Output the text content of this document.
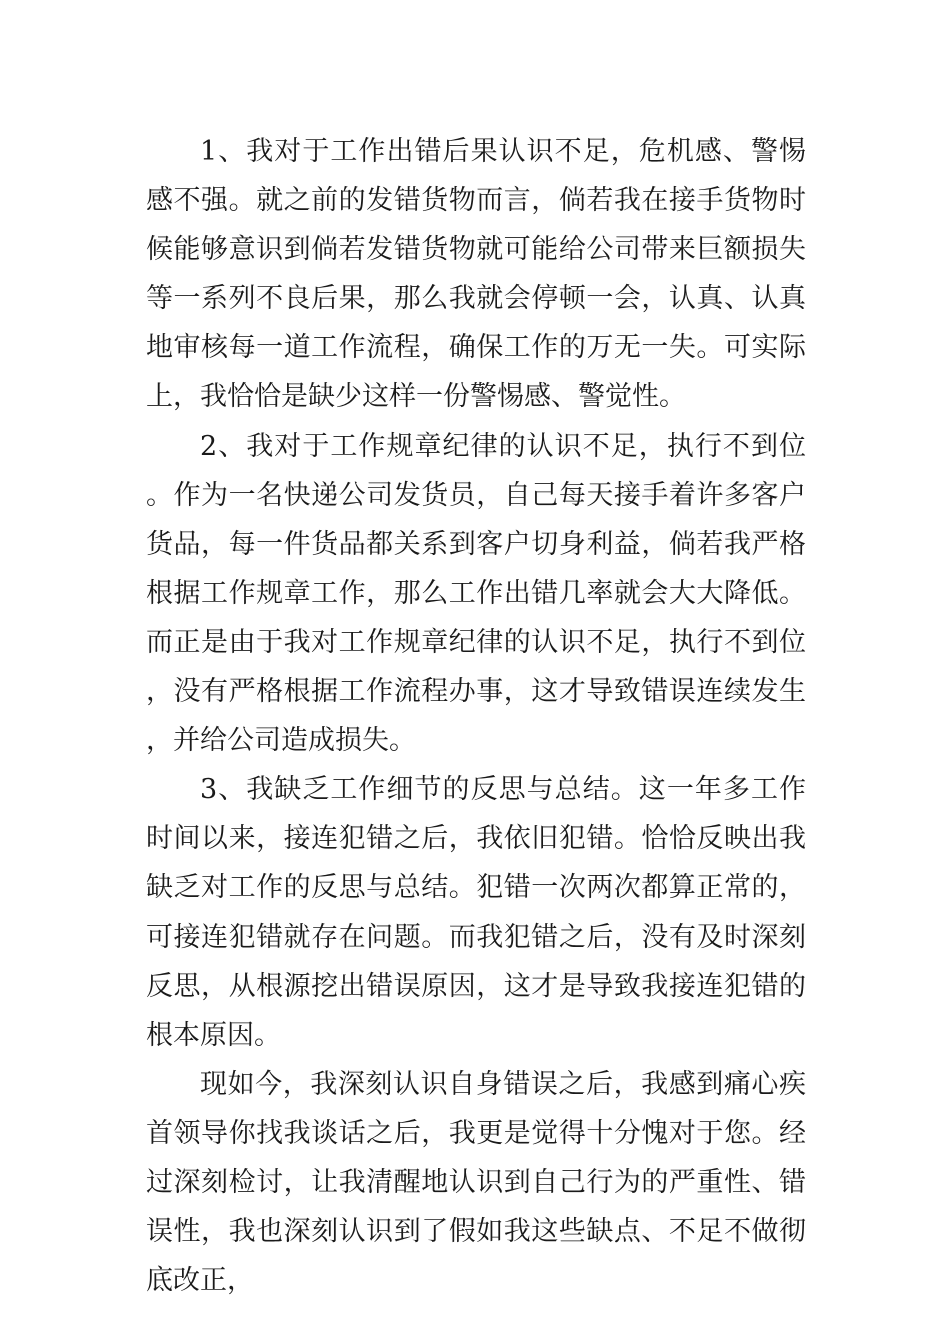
1、我对于工作出错后果认识不足，危机感、警惕感不强。就之前的发错货物而言，倘若我在接手货物时候能够意识到倘若发错货物就可能给公司带来巨额损失等一系列不良后果，那么我就会停顿一会，认真、认真地审核每一道工作流程，确保工作的万无一失。可实际上，我恰恰是缺少这样一份警惕感、警觉性。

2、我对于工作规章纪律的认识不足，执行不到位。作为一名快递公司发货员，自己每天接手着许多客户货品，每一件货品都关系到客户切身利益，倘若我严格根据工作规章工作，那么工作出错几率就会大大降低。而正是由于我对工作规章纪律的认识不足，执行不到位，没有严格根据工作流程办事，这才导致错误连续发生，并给公司造成损失。

3、我缺乏工作细节的反思与总结。这一年多工作时间以来，接连犯错之后，我依旧犯错。恰恰反映出我缺乏对工作的反思与总结。犯错一次两次都算正常的，可接连犯错就存在问题。而我犯错之后，没有及时深刻反思，从根源挖出错误原因，这才是导致我接连犯错的根本原因。

现如今，我深刻认识自身错误之后，我感到痛心疾首领导你找我谈话之后，我更是觉得十分愧对于您。经过深刻检讨，让我清醒地认识到自己行为的严重性、错误性，我也深刻认识到了假如我这些缺点、不足不做彻底改正，
